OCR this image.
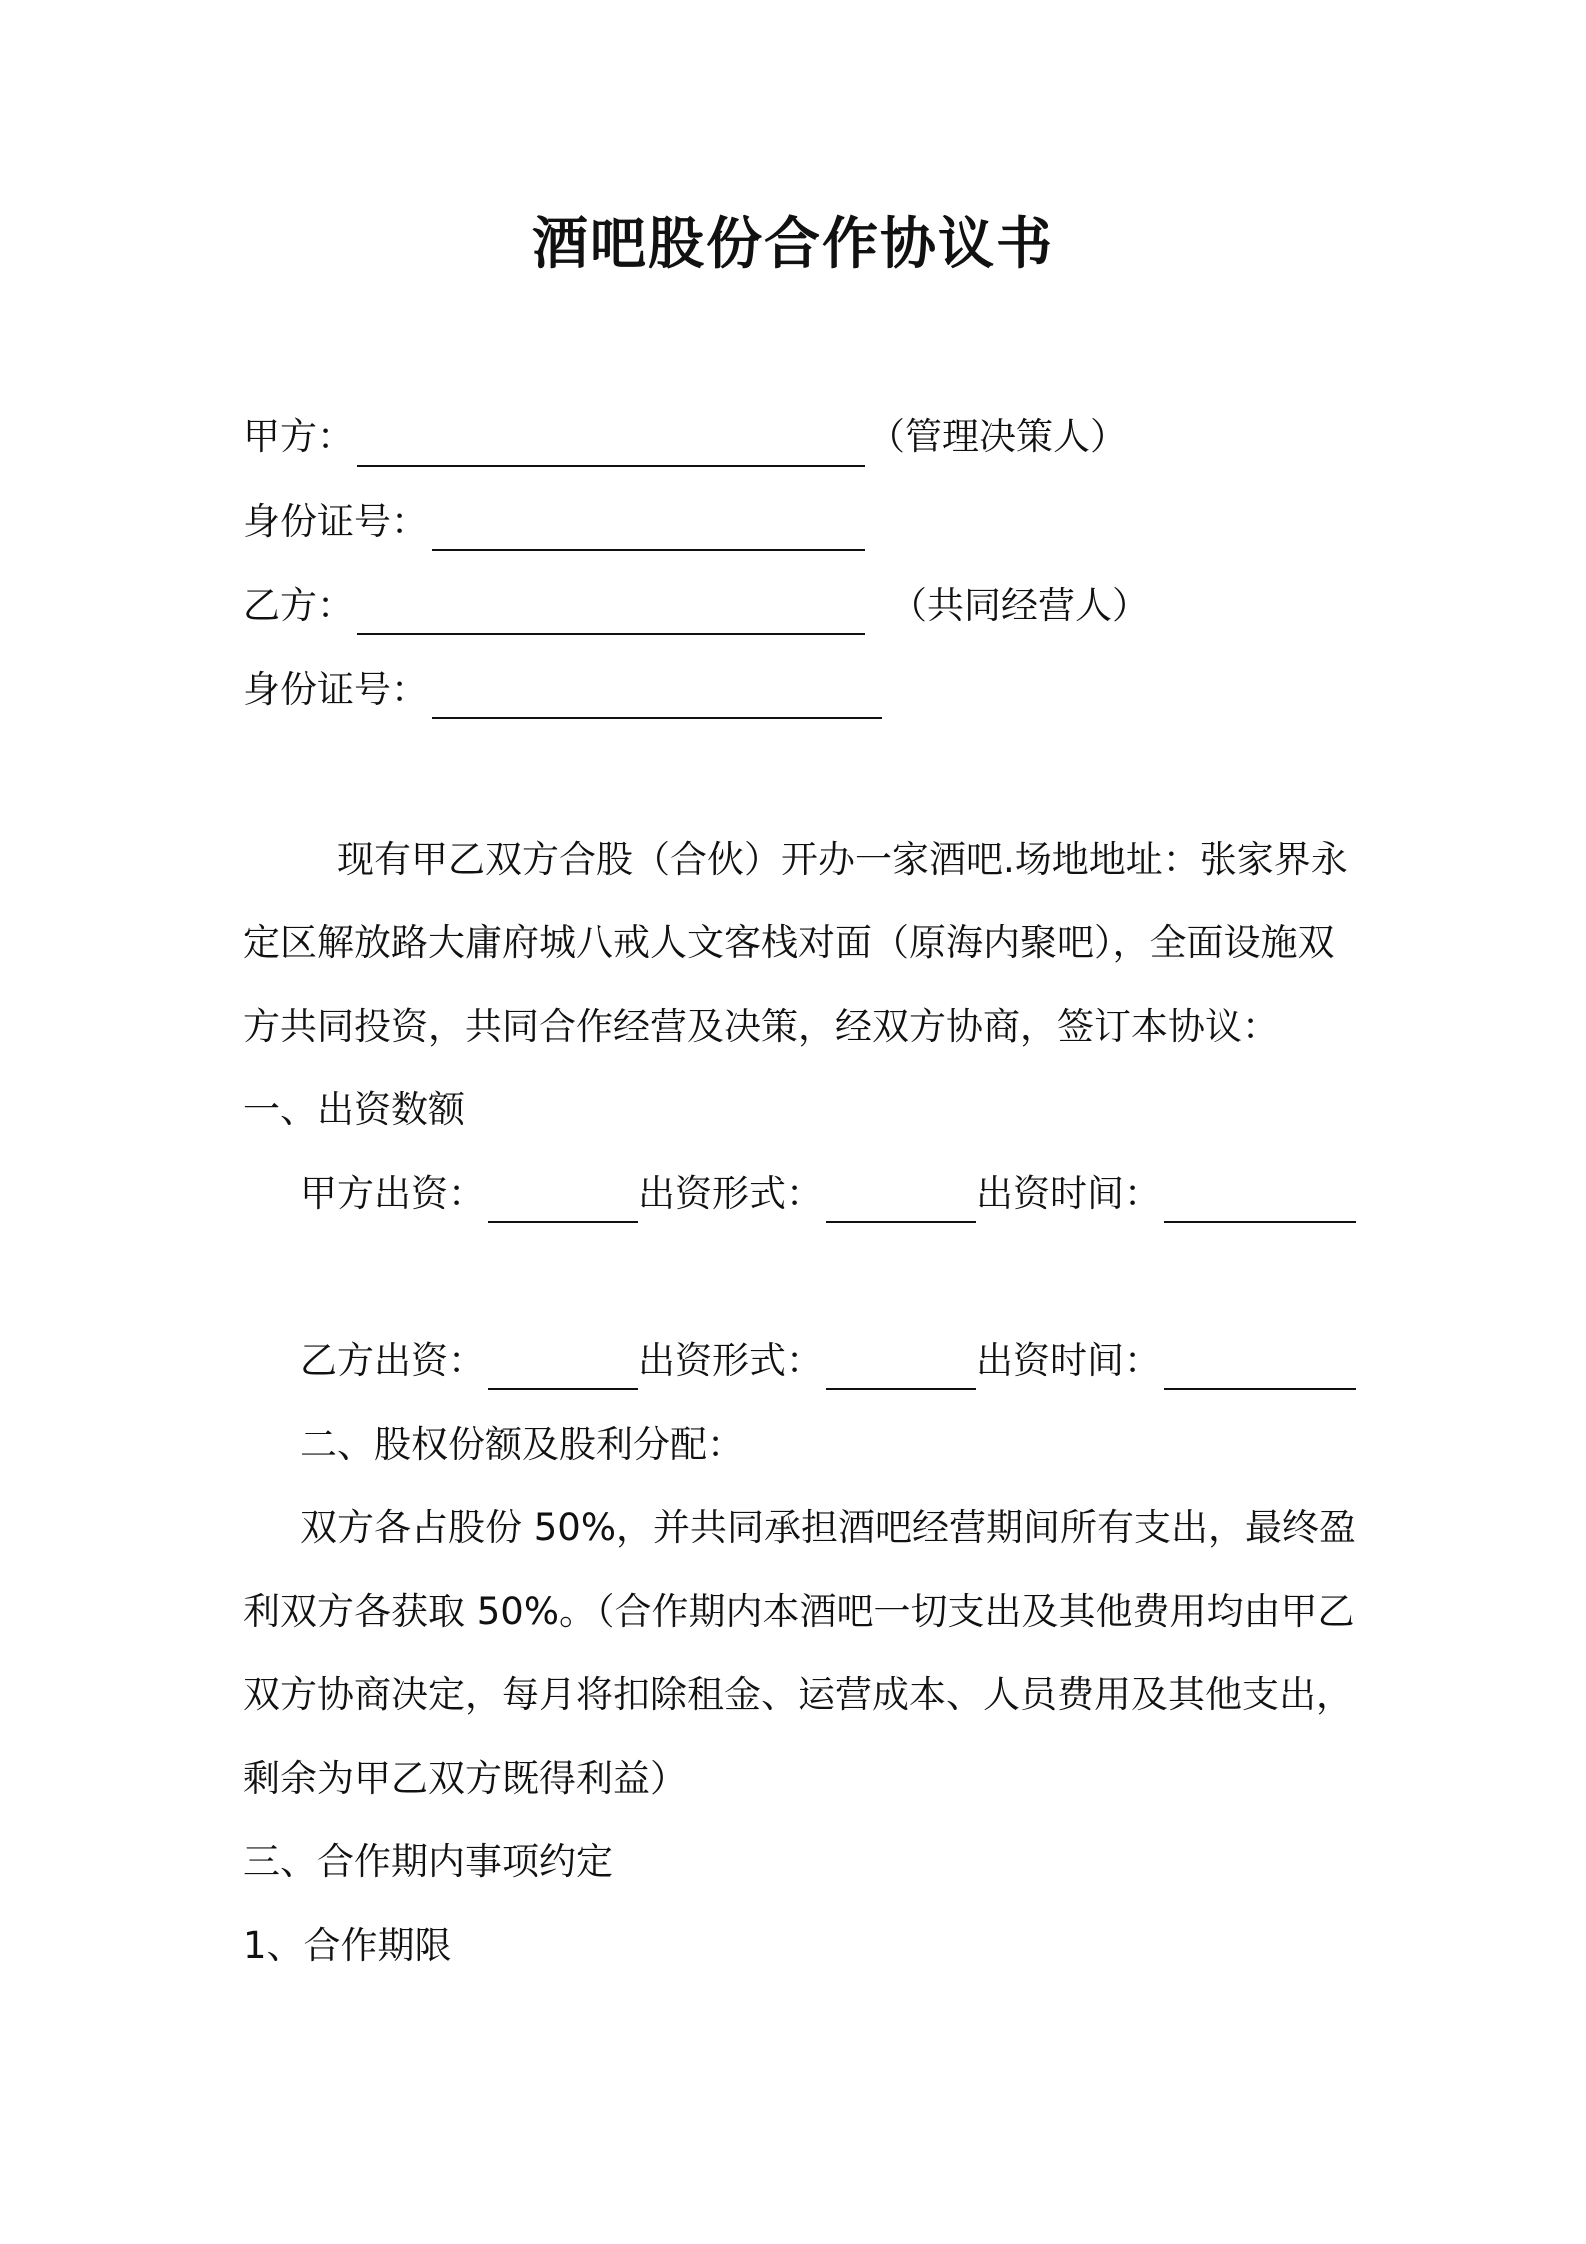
酒吧股份合作协议书
甲方：	（管理决策人）
身份证号：
乙方：	（共同经营人）
身份证号：
现有甲乙双方合股（合伙）开办一家酒吧.场地地址：张家界永
定区解放路大庸府城八戒人文客栈对面（原海内聚吧），全面设施双
方共同投资，共同合作经营及决策，经双方协商，签订本协议：
一、出资数额
甲方出资：	出资形式：	出资时间：
乙方出资：	出资形式：	出资时间：
二、股权份额及股利分配：
双方各占股份 50%，并共同承担酒吧经营期间所有支出，最终盈
利双方各获取 50%。（合作期内本酒吧一切支出及其他费用均由甲乙
双方协商决定，每月将扣除租金、运营成本、人员费用及其他支出，
剩余为甲乙双方既得利益）
三、合作期内事项约定
1、合作期限
